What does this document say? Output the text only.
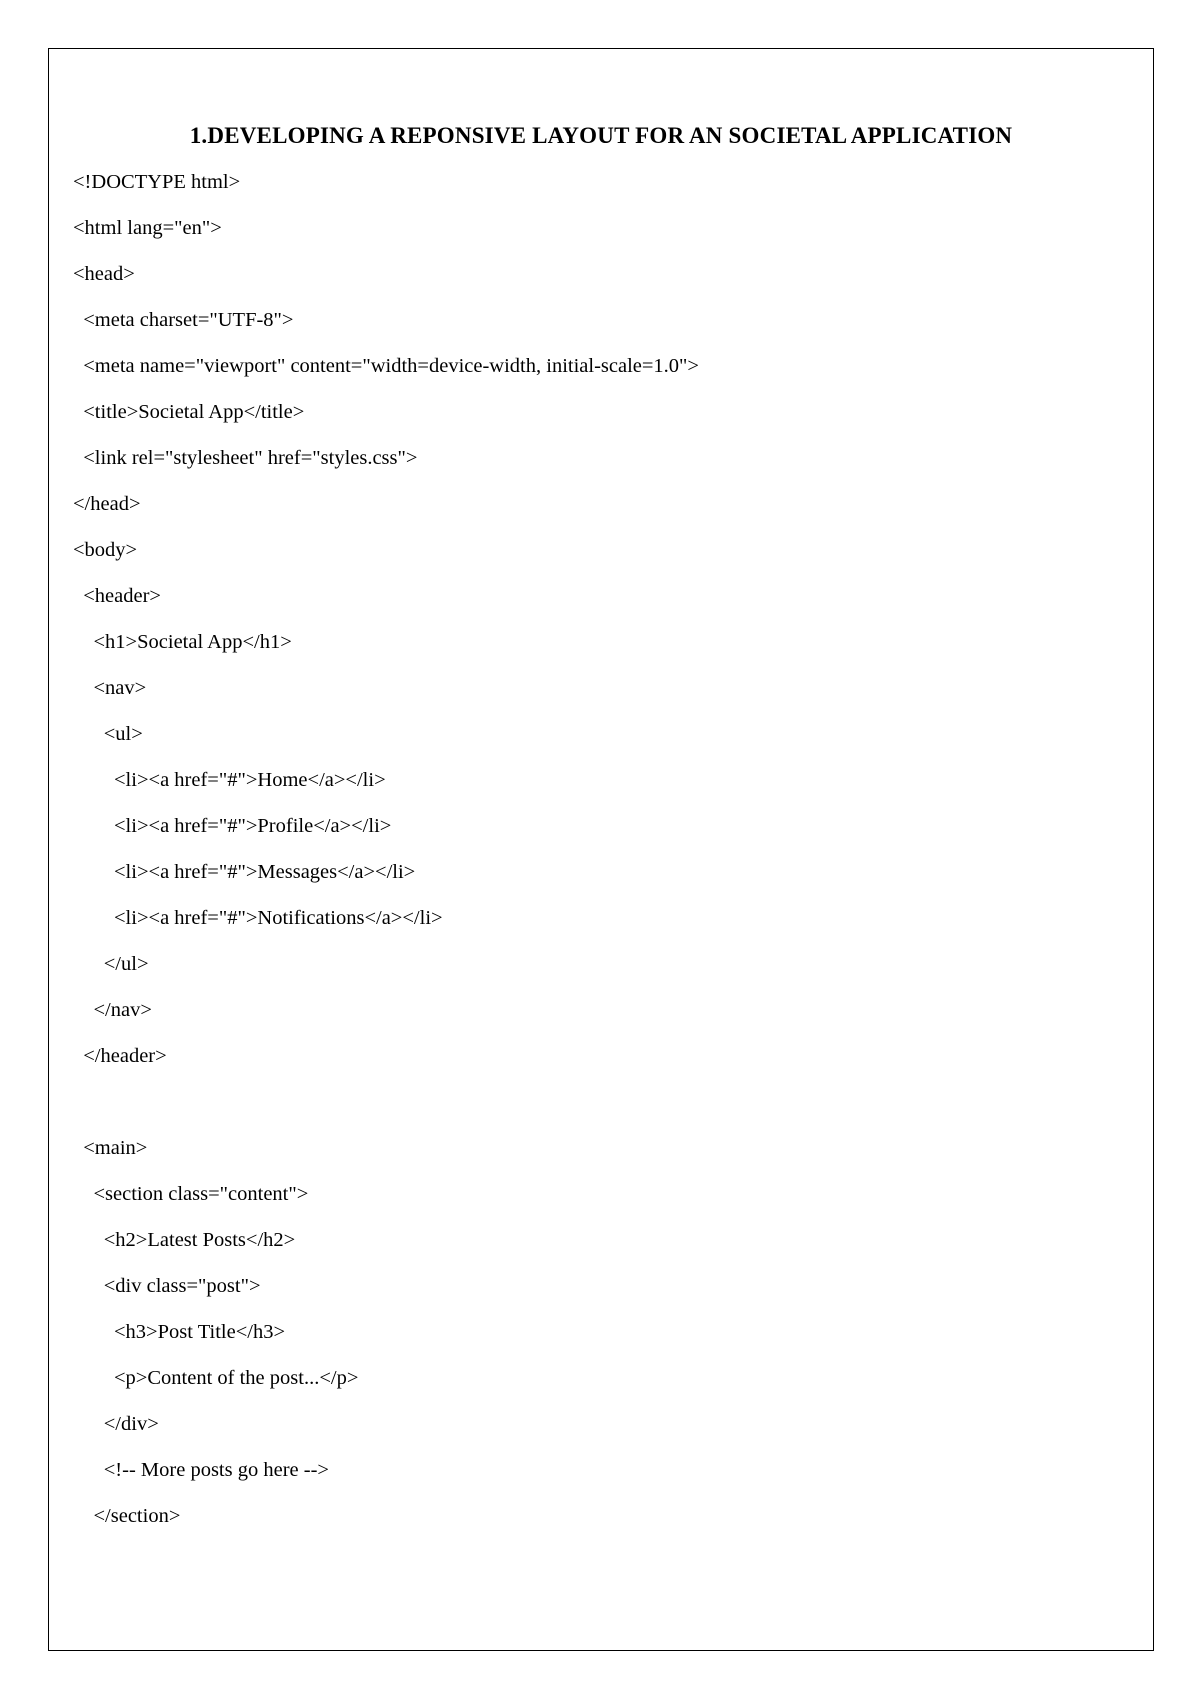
1.DEVELOPING A REPONSIVE LAYOUT FOR AN SOCIETAL APPLICATION
<!DOCTYPE html>
<html lang="en">
<head>
<meta charset="UTF-8">
<meta name="viewport" content="width=device-width, initial-scale=1.0">
<title>Societal App</title>
<link rel="stylesheet" href="styles.css">
</head>
<body>
<header>
<h1>Societal App</h1>
<nav>
<ul>
<li><a href="#">Home</a></li>
<li><a href="#">Profile</a></li>
<li><a href="#">Messages</a></li>
<li><a href="#">Notifications</a></li>
</ul>
</nav>
</header>
<main>
<section class="content">
<h2>Latest Posts</h2>
<div class="post">
<h3>Post Title</h3>
<p>Content of the post...</p>
</div>
<!-- More posts go here -->
</section>
